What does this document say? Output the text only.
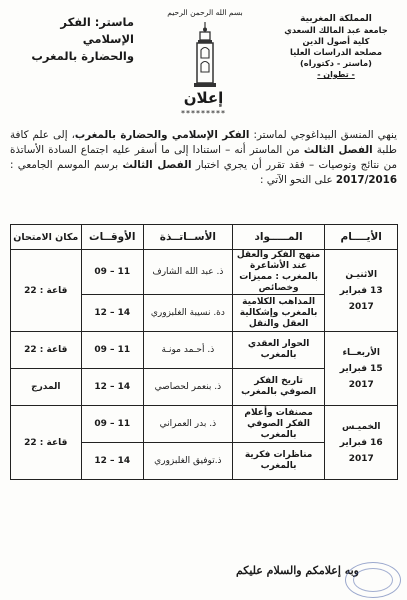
المملكة المغربية
جامعة عبد المالك السعدي
كلية أصول الدين
مصلحة الدراسات العليا
(ماستر - دكتوراه)
- تطوان -
بسم الله الرحمن الرحيم
ماستر: الفكر الإسلامي
والحضارة بالمغرب
إعلان
*********
ينهي المنسق البيداغوجي لماستر: الفكر الإسلامي والحضارة بالمغرب، إلى علم كافة طلبة الفصل الثالث من الماستر أنه – استنادا إلى ما أسفر عليه اجتماع السادة الأساتذة من نتائج وتوصيات – فقد تقرر أن يجري اختبار الفصل الثالث برسم الموسم الجامعي : 2017/2016 على النحو الآتي :
الأيــــام	المـــــواد	الأســاتــذة	الأوقــات	مكان الامتحان

الاثنيـن
13 فبراير 2017	منهج الفكر والعقل عند الأشاعرة بالمغرب : مميزات وخصائص	ذ. عبد الله الشارف	09 – 11	قاعة : 22
	المذاهب الكلامية بالمغرب وإشكالية العقل والنقل	دة. نسيبة الغلبزوري	12 – 14	

الأربعــاء
15 فبراير 2017	الحوار العقدي بالمغرب	ذ. أحـمد مونـة	09 – 11	قاعة : 22
	تاريخ الفكر الصوفي بالمغرب	ذ. بنعمر لحصاصي	12 – 14	المدرج

الخميـس
16 فبراير 2017	مصنفات وأعلام الفكر الصوفي بالمغرب	ذ. بدر العمراني	09 – 11	قاعة : 22
	مناظرات فكرية بالمغرب	ذ.توفيق الغلبزوري	12 – 14	
وبه إعلامكم والسلام عليكم
